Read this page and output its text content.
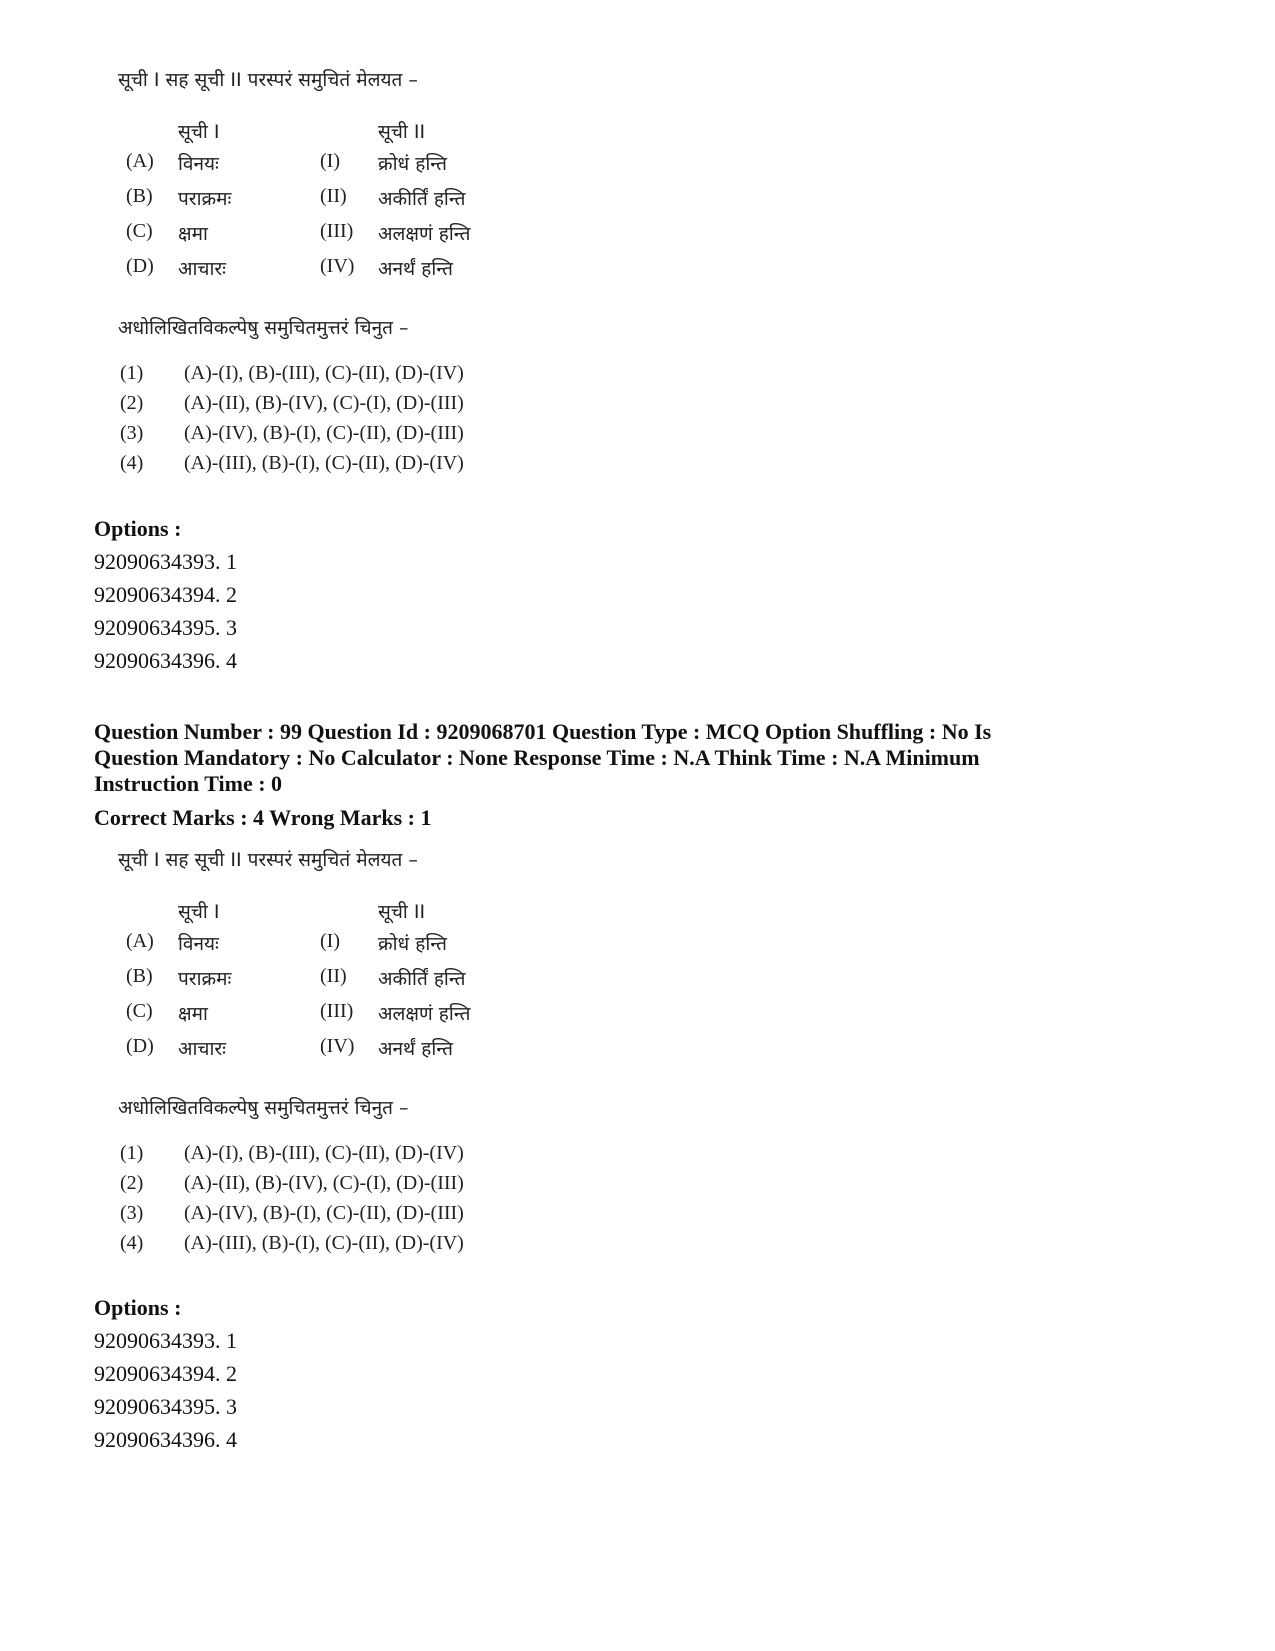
सूची I सह सूची II परस्परं समुचितं मेलयत –
सूची I	सूची II
(A) विनयः	(I) क्रोधं हन्ति
(B) पराक्रमः	(II) अकीर्तिं हन्ति
(C) क्षमा	(III) अलक्षणं हन्ति
(D) आचारः	(IV) अनर्थं हन्ति
अधोलिखितविकल्पेषु समुचितमुत्तरं चिनुत –
(1) (A)-(I), (B)-(III), (C)-(II), (D)-(IV)
(2) (A)-(II), (B)-(IV), (C)-(I), (D)-(III)
(3) (A)-(IV), (B)-(I), (C)-(II), (D)-(III)
(4) (A)-(III), (B)-(I), (C)-(II), (D)-(IV)
Options :
92090634393. 1
92090634394. 2
92090634395. 3
92090634396. 4
Question Number : 99 Question Id : 9209068701 Question Type : MCQ Option Shuffling : No Is
Question Mandatory : No Calculator : None Response Time : N.A Think Time : N.A Minimum
Instruction Time : 0
Correct Marks : 4 Wrong Marks : 1
सूची I सह सूची II परस्परं समुचितं मेलयत –
सूची I	सूची II
(A) विनयः	(I) क्रोधं हन्ति
(B) पराक्रमः	(II) अकीर्तिं हन्ति
(C) क्षमा	(III) अलक्षणं हन्ति
(D) आचारः	(IV) अनर्थं हन्ति
अधोलिखितविकल्पेषु समुचितमुत्तरं चिनुत –
(1) (A)-(I), (B)-(III), (C)-(II), (D)-(IV)
(2) (A)-(II), (B)-(IV), (C)-(I), (D)-(III)
(3) (A)-(IV), (B)-(I), (C)-(II), (D)-(III)
(4) (A)-(III), (B)-(I), (C)-(II), (D)-(IV)
Options :
92090634393. 1
92090634394. 2
92090634395. 3
92090634396. 4
